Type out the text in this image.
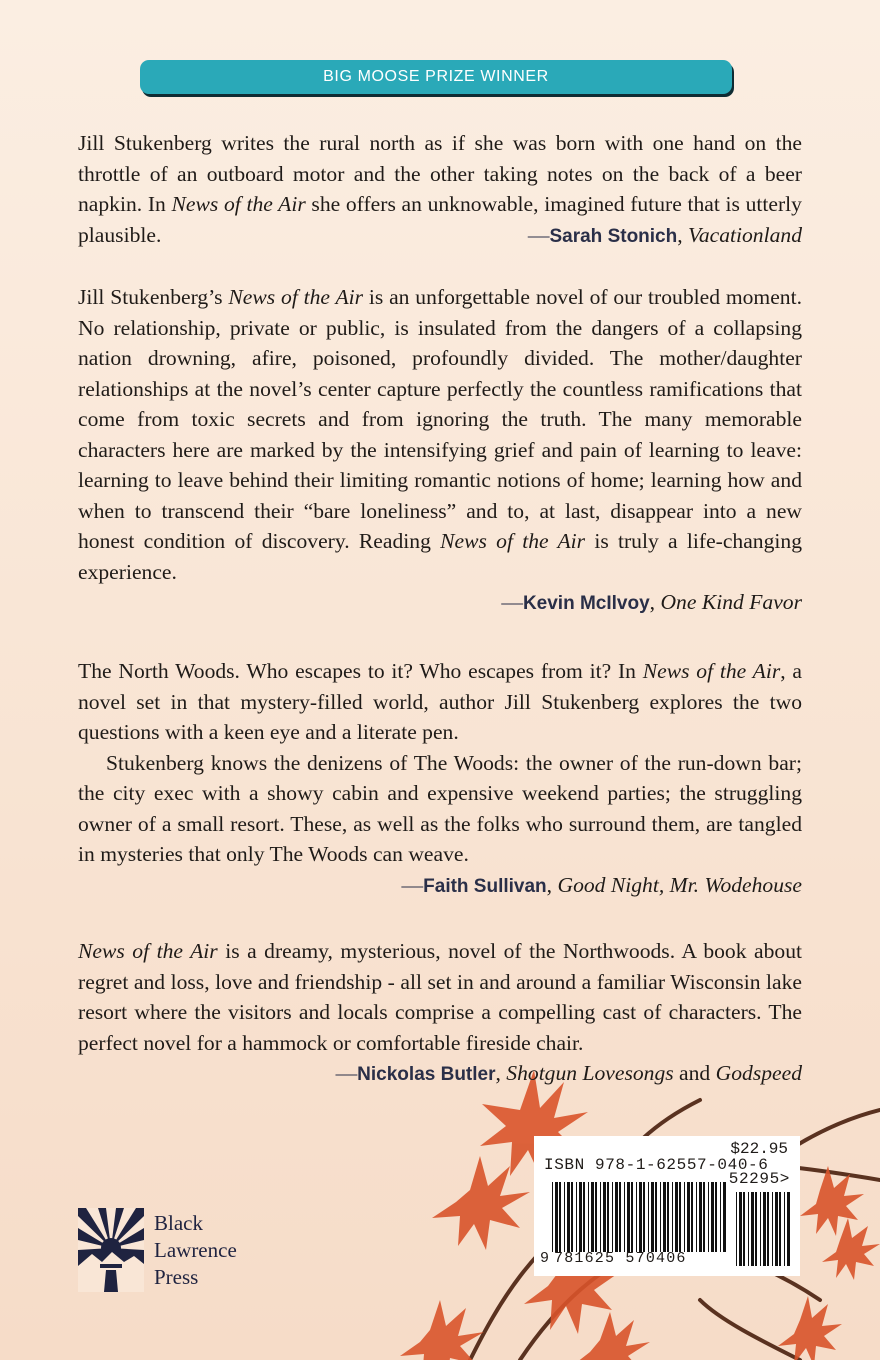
BIG MOOSE PRIZE WINNER

Jill Stukenberg writes the rural north as if she was born with one hand on the throttle of an outboard motor and the other taking notes on the back of a beer napkin. In News of the Air she offers an unknowable, imagined future that is utterly plausible.	—Sarah Stonich, Vacationland

Jill Stukenberg’s News of the Air is an unforgettable novel of our troubled moment. No relationship, private or public, is insulated from the dangers of a collapsing nation drowning, afire, poisoned, profoundly divided. The mother/daughter relationships at the novel’s center capture perfectly the countless ramifications that come from toxic secrets and from ignoring the truth. The many memorable characters here are marked by the intensifying grief and pain of learning to leave: learning to leave behind their limiting romantic notions of home; learning how and when to transcend their “bare loneliness” and to, at last, disappear into a new honest condition of discovery. Reading News of the Air is truly a life-changing experience.

—Kevin McIlvoy, One Kind Favor

The North Woods. Who escapes to it? Who escapes from it? In News of the Air, a novel set in that mystery-filled world, author Jill Stukenberg explores the two questions with a keen eye and a literate pen.

Stukenberg knows the denizens of The Woods: the owner of the run-down bar; the city exec with a showy cabin and expensive weekend parties; the struggling owner of a small resort. These, as well as the folks who surround them, are tangled in mysteries that only The Woods can weave.

—Faith Sullivan, Good Night, Mr. Wodehouse

News of the Air is a dreamy, mysterious, novel of the Northwoods. A book about regret and loss, love and friendship - all set in and around a familiar Wisconsin lake resort where the visitors and locals comprise a compelling cast of characters. The perfect novel for a hammock or comfortable fireside chair.
—Nickolas Butler, Shotgun Lovesongs and Godspeed

Black
Lawrence
Press
$22.95
ISBN 978-1-62557-040-6
52295>
9 781625 570406
